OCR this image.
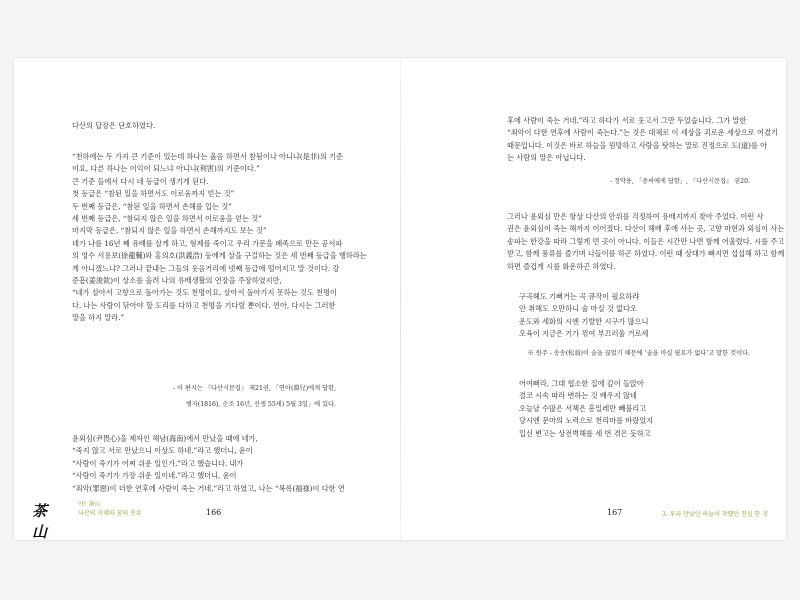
다산의 답장은 단호하였다.
“천하에는 두 가지 큰 기준이 있는데 하나는 옳음 하면서 참됨이나 아니냐(是非)의 기준
이요, 다른 하나는 이익이 되느냐 아니냐(利害)의 기준이다.”
큰 기준 들에서 다시 네 등급이 생기게 된다.
첫 등급은 “참된 일을 하면서도 이로움까지 얻는 것”
두 번째 등급은, “참된 일을 하면서 손해를 입는 것”
세 번째 등급은, “참되지 않은 일을 하면서 이로움을 얻는 것”
마지막 등급은, “참되지 않은 일을 하면서 손해까지도 보는 것”
네가 나를 16년 째 유배를 살게 하고, 형제를 죽이고 우리 가문을 폐족으로 만든 공서파
의 영수 서용보(徐龍輔)와 홍의호(洪義浩) 등에게 살을 구걸하는 것은 세 번째 등급을 행하라는
게 아니겠느냐? 그러나 끝내는 그들의 웃음거리에 넷째 등급에 떨어지고 말 것이다. 강
준흠(姜浚欽)이 상소를 올려 나의 유배생활의 연장을 주장하였지만,
“네가 살아서 고향으로 돌아가는 것도 천명이요, 살아서 돌아가지 못하는 것도 천명이
다. 나는 사람이 닦아야 할 도리를 다하고 천명을 기다릴 뿐이다. 연아, 다시는 그러한
말을 하지 말라.”
- 이 편지는 『다산시문집』 제21권, 「연아(淵兒)에게 답함,
병자(1816), 순조 16년, 선생 55세) 5월 3일」에 있다.
윤외심(尹畏心)을 제자인 해남(海南)에서 만났을 때에 네가,
“죽지 않고 서로 만났으니 이상도 하네.”라고 했더니, 윤이
“사람이 죽기가 어찌 쉬운 일인가.”라고 했습니다. 내가
“사람이 죽기가 가장 쉬운 일이네.”라고 했더니, 윤이
“죄악(罪惡)이 더한 연후에 사람이 죽는 거네.”라고 하였고, 나는 “복록(福祿)이 다한 연
茶山
아! 茶山
다산의 지혜와 꿈의 송류	166
후에 사람이 죽는 거네.”라고 하다가 서로 웃고서 그만 두었습니다. 그가 말한
“죄악이 다한 연후에 사람이 죽는다.”는 것은 대체로 이 세상을 괴로운 세상으로 여겼기
때문입니다. 이것은 바로 하늘을 원망하고 사람을 탓하는 말로 진정으로 도(道)를 아
는 사람의 말은 아닙니다.
- 정약용, 「중씨에게 답함」, 『다산시문집』 권20.
그러나 윤외심 만은 항상 다산의 안위를 걱정하여 유배지까지 찾아 주었다. 이런 사
권은 윤외심이 죽는 해까지 이어졌다. 다산이 해배 후에 사는 곳, 고향 마현과 외심이 사는
송파는 한강을 따라 그렇게 먼 곳이 아니다. 이들은 시간만 나면 함께 어울렸다. 시를 주고
받고, 함께 풍류를 즐기며 나들이를 하곤 하였다. 이런 때 상대가 빠지면 섭섭해 하고 함께
하면 즐겁게 시를 화운하곤 하였다.
구곡헤도 기뻐거는 곡 큐작이 필요하랴
안 취해도 오만하니 술 마실 것 없다오
운도와 세화의 시엔 기발한 시구가 많으니
오육이 지금은 기가 꺾여 부끄러울 거로세
※ 원주 - 송송(松翁)이 술을 끊었기 때문에 ‘술을 마실 필요가 없다’고 말한 것이다.
어여뻐라, 그대 협소한 집에 깊이 들앉아
결코 시속 따라 변하는 것 배우지 않네
오늘날 수많은 서책은 흥밀레만 빼불리고
당시엔 문마의 노력으로 천리마를 바랐었지
입신 변고는 상전벽해를 세 번 겪은 듯하고
167	3. 우리 만났던 하늘이 착했던 친심 한 것
